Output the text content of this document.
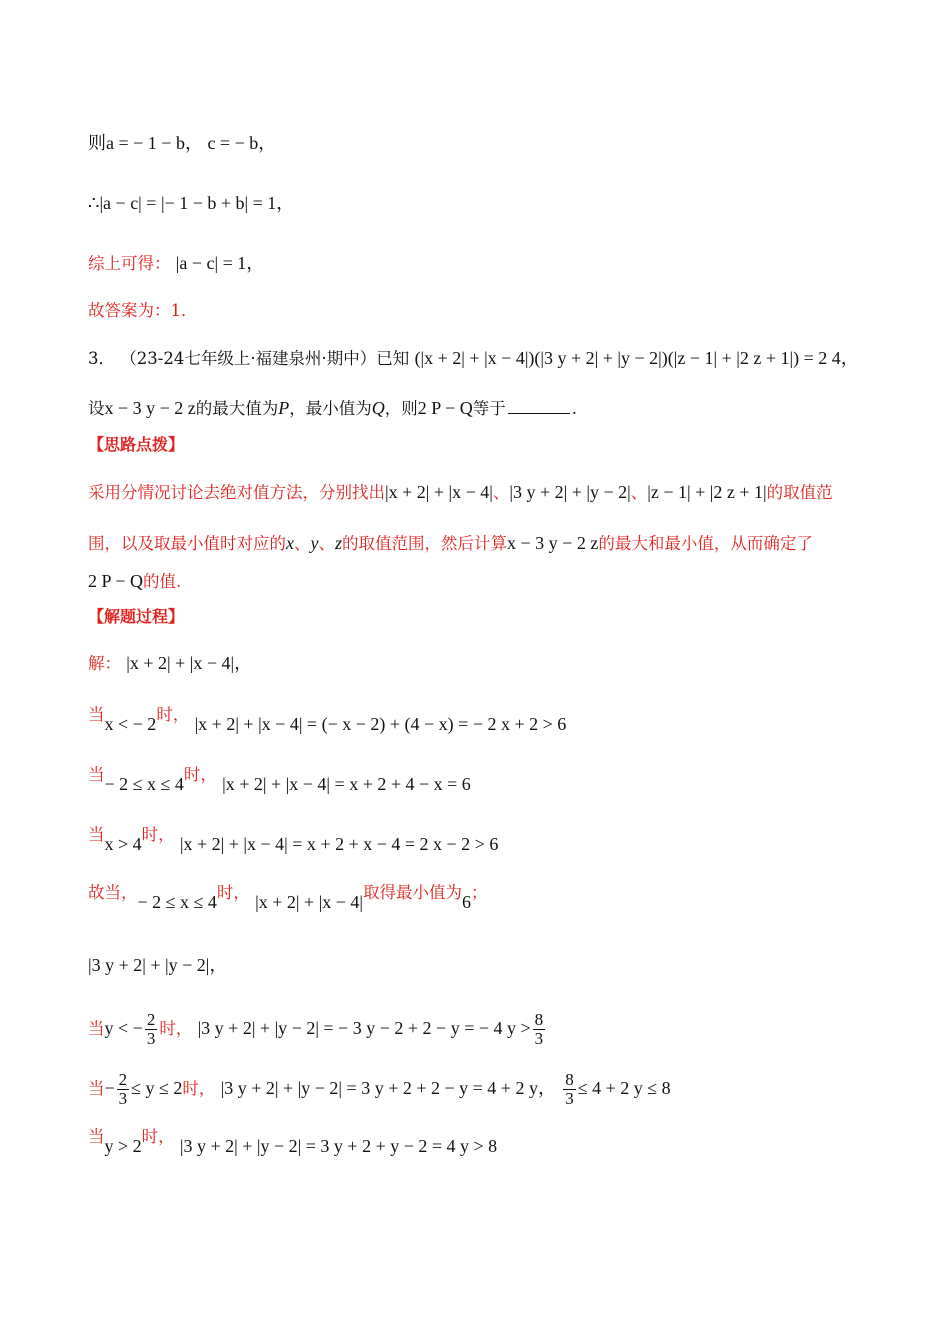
则a = − 1 − b， c = − b，
∴|a − c| = |− 1 − b + b| = 1，
综上可得： |a − c| = 1，
故答案为：1．
3． （23-24七年级上·福建泉州·期中）已知 (|x + 2| + |x − 4|)(|3 y + 2| + |y − 2|)(|z − 1| + |2 z + 1|) = 2 4，
设x − 3 y − 2 z的最大值为P，最小值为Q，则2 P − Q等于	.
【思路点拨】
采用分情况讨论去绝对值方法，分别找出|x + 2| + |x − 4|、|3 y + 2| + |y − 2|、|z − 1| + |2 z + 1|的取值范
围，以及取最小值时对应的x、y、z的取值范围，然后计算x − 3 y − 2 z的最大和最小值，从而确定了
2 P − Q的值.
【解题过程】
解： |x + 2| + |x − 4|，
当x < − 2时， |x + 2| + |x − 4| = (− x − 2) + (4 − x) = − 2 x + 2 > 6
当− 2 ≤ x ≤ 4时， |x + 2| + |x − 4| = x + 2 + 4 − x = 6
当x > 4时， |x + 2| + |x − 4| = x + 2 + x − 4 = 2 x − 2 > 6
故当，− 2 ≤ x ≤ 4时， |x + 2| + |x − 4|取得最小值为6；
|3 y + 2| + |y − 2|，
当y < − $\frac{2}{3}$ 时， |3 y + 2| + |y − 2| = − 3 y − 2 + 2 − y = − 4 $y > \frac{8}{3}$
当− $\frac{2}{3} \le y \le 2$时， |3 y + 2| + |y − 2| = 3 y + 2 + 2 − y = 4 + 2 y， $\frac{8}{3} \le 4 + 2$ y ≤ 8
当y > 2时， |3 y + 2| + |y − 2| = 3 y + 2 + y − 2 = 4 y > 8
